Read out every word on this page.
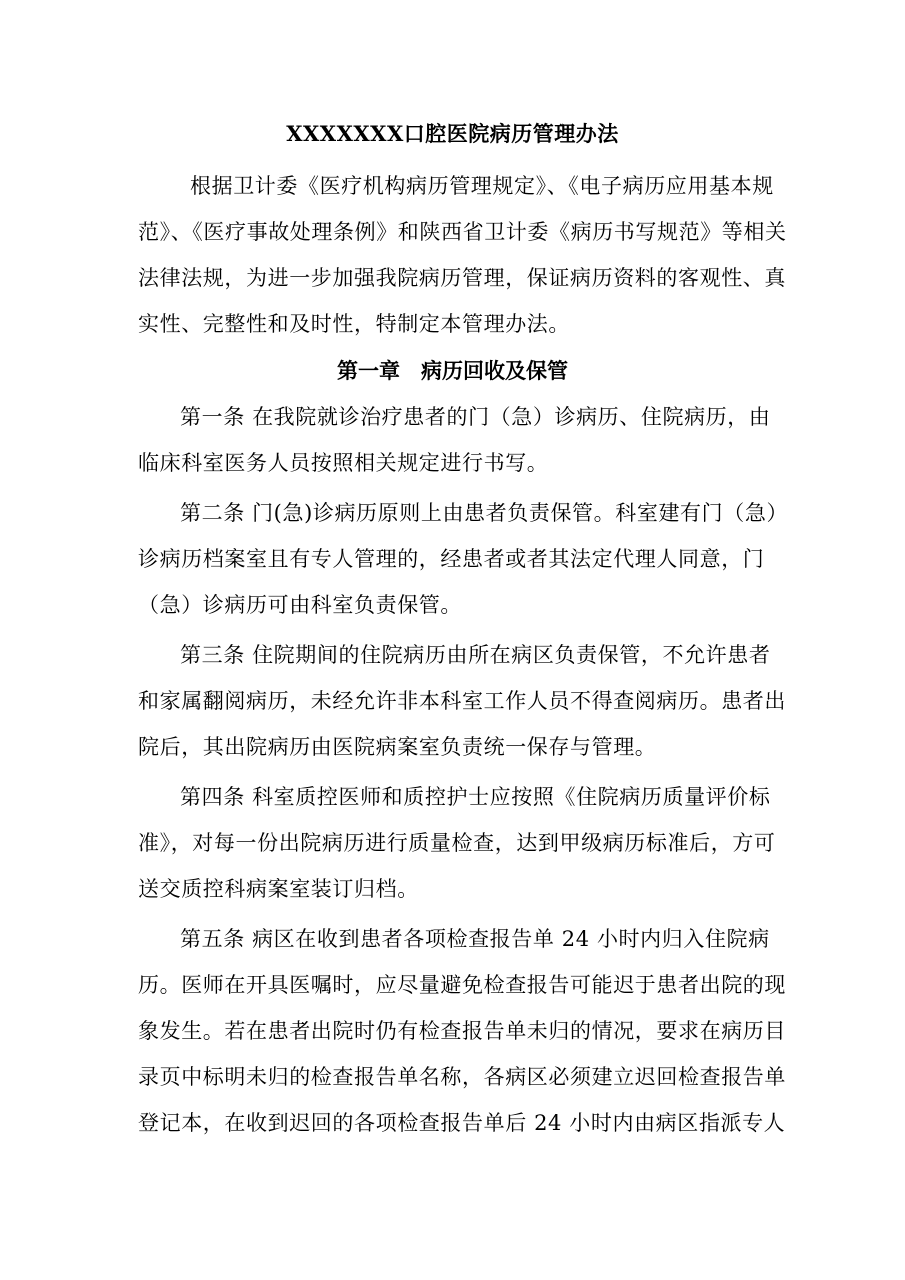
XXXXXXX口腔医院病历管理办法
根据卫计委《医疗机构病历管理规定》、《电子病历应用基本规
范》、《医疗事故处理条例》和陕西省卫计委《病历书写规范》等相关
法律法规，为进一步加强我院病历管理，保证病历资料的客观性、真
实性、完整性和及时性，特制定本管理办法。
第一章　病历回收及保管
第一条 在我院就诊治疗患者的门（急）诊病历、住院病历，由
临床科室医务人员按照相关规定进行书写。
第二条 门(急)诊病历原则上由患者负责保管。科室建有门（急）
诊病历档案室且有专人管理的，经患者或者其法定代理人同意，门
（急）诊病历可由科室负责保管。
第三条 住院期间的住院病历由所在病区负责保管，不允许患者
和家属翻阅病历，未经允许非本科室工作人员不得查阅病历。患者出
院后，其出院病历由医院病案室负责统一保存与管理。
第四条 科室质控医师和质控护士应按照《住院病历质量评价标
准》，对每一份出院病历进行质量检查，达到甲级病历标准后，方可
送交质控科病案室装订归档。
第五条 病区在收到患者各项检查报告单 24 小时内归入住院病
历。医师在开具医嘱时，应尽量避免检查报告可能迟于患者出院的现
象发生。若在患者出院时仍有检查报告单未归的情况，要求在病历目
录页中标明未归的检查报告单名称，各病区必须建立迟回检查报告单
登记本，在收到迟回的各项检查报告单后 24 小时内由病区指派专人
